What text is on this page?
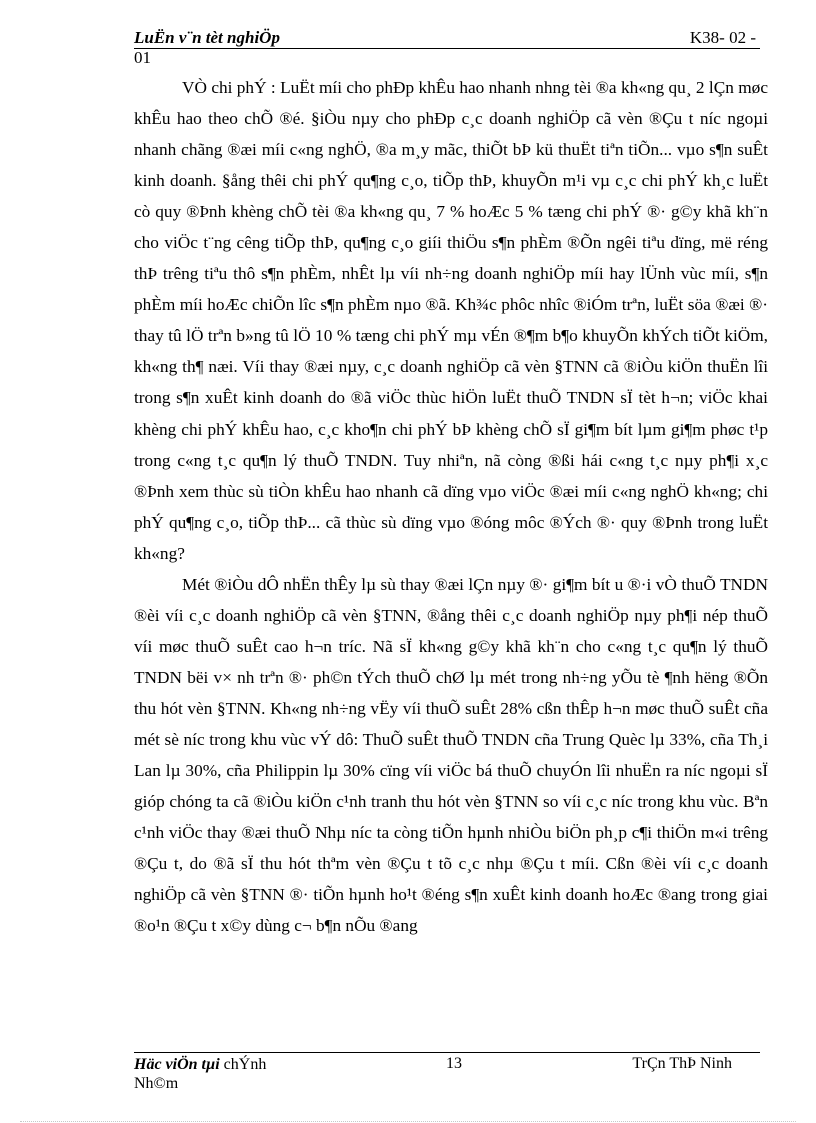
LuËn v¨n tèt nghiÖp	K38- 02 -
01

VÒ chi phÝ : LuËt míi cho phÐp khÊu hao nhanh nhng tèi ®a kh«ng qu¸ 2 lÇn møc khÊu hao theo chÕ ®é. §iÒu nµy cho phÐp c¸c doanh nghiÖp cã vèn ®Çu t níc ngoµi nhanh chãng ®æi míi c«ng nghÖ, ®a m¸y mãc, thiÕt bÞ kü thuËt tiªn tiÕn... vµo s¶n suÊt kinh doanh. §ång thêi chi phÝ qu¶ng c¸o, tiÕp thÞ, khuyÕn m¹i vµ c¸c chi phÝ kh¸c luËt cò quy ®Þnh khèng chÕ tèi ®a kh«ng qu¸ 7 % hoÆc 5 % tæng chi phÝ ®· g©y khã kh¨n cho viÖc t¨ng cêng tiÕp thÞ, qu¶ng c¸o giíi thiÖu s¶n phÈm ®Õn ngêi tiªu dïng, më réng thÞ trêng tiªu thô s¶n phÈm, nhÊt lµ víi nh÷ng doanh nghiÖp míi hay lÜnh vùc míi, s¶n phÈm míi hoÆc chiÕn lîc s¶n phÈm nµo ®ã. Kh¾c phôc nhîc ®iÓm trªn, luËt söa ®æi ®· thay tû lÖ trªn b»ng tû lÖ 10 % tæng chi phÝ mµ vÉn ®¶m b¶o khuyÕn khÝch tiÕt kiÖm, kh«ng th¶ næi. Víi thay ®æi nµy, c¸c doanh nghiÖp cã vèn §TNN cã ®iÒu kiÖn thuËn lîi trong s¶n xuÊt kinh doanh do ®ã viÖc thùc hiÖn luËt thuÕ TNDN sÏ tèt h¬n; viÖc khai khèng chi phÝ khÊu hao, c¸c kho¶n chi phÝ bÞ khèng chÕ sÏ gi¶m bít lµm gi¶m phøc t¹p trong c«ng t¸c qu¶n lý thuÕ TNDN. Tuy nhiªn, nã còng ®ßi hái c«ng t¸c nµy ph¶i x¸c ®Þnh xem thùc sù tiÒn khÊu hao nhanh cã dïng vµo viÖc ®æi míi c«ng nghÖ kh«ng; chi phÝ qu¶ng c¸o, tiÕp thÞ... cã thùc sù dïng vµo ®óng môc ®Ých ®· quy ®Þnh trong luËt kh«ng?

Mét ®iÒu dÔ nhËn thÊy lµ sù thay ®æi lÇn nµy ®· gi¶m bít u ®·i vÒ thuÕ TNDN ®èi víi c¸c doanh nghiÖp cã vèn §TNN, ®ång thêi c¸c doanh nghiÖp nµy ph¶i nép thuÕ víi møc thuÕ suÊt cao h¬n tríc. Nã sÏ kh«ng g©y khã kh¨n cho c«ng t¸c qu¶n lý thuÕ TNDN bëi v× nh trªn ®· ph©n tÝch thuÕ chØ lµ mét trong nh÷ng yÕu tè ¶nh hëng ®Õn thu hót vèn §TNN. Kh«ng nh÷ng vËy víi thuÕ suÊt 28% cßn thÊp h¬n møc thuÕ suÊt cña mét sè níc trong khu vùc vÝ dô: ThuÕ suÊt thuÕ TNDN cña Trung Quèc lµ 33%, cña Th¸i Lan lµ 30%, cña Philippin lµ 30% cïng víi viÖc bá thuÕ chuyÓn lîi nhuËn ra níc ngoµi sÏ gióp chóng ta cã ®iÒu kiÖn c¹nh tranh thu hót vèn §TNN so víi c¸c níc trong khu vùc. Bªn c¹nh viÖc thay ®æi thuÕ Nhµ níc ta còng tiÕn hµnh nhiÒu biÖn ph¸p c¶i thiÖn m«i trêng ®Çu t, do ®ã sÏ thu hót thªm vèn ®Çu t tõ c¸c nhµ ®Çu t míi. Cßn ®èi víi c¸c doanh nghiÖp cã vèn §TNN ®· tiÕn hµnh ho¹t ®éng s¶n xuÊt kinh doanh hoÆc ®ang trong giai ®o¹n ®Çu t x©y dùng c¬ b¶n nÕu ®ang

Häc viÖn tµi chÝnh
Nh©m
13	TrÇn ThÞ Ninh
